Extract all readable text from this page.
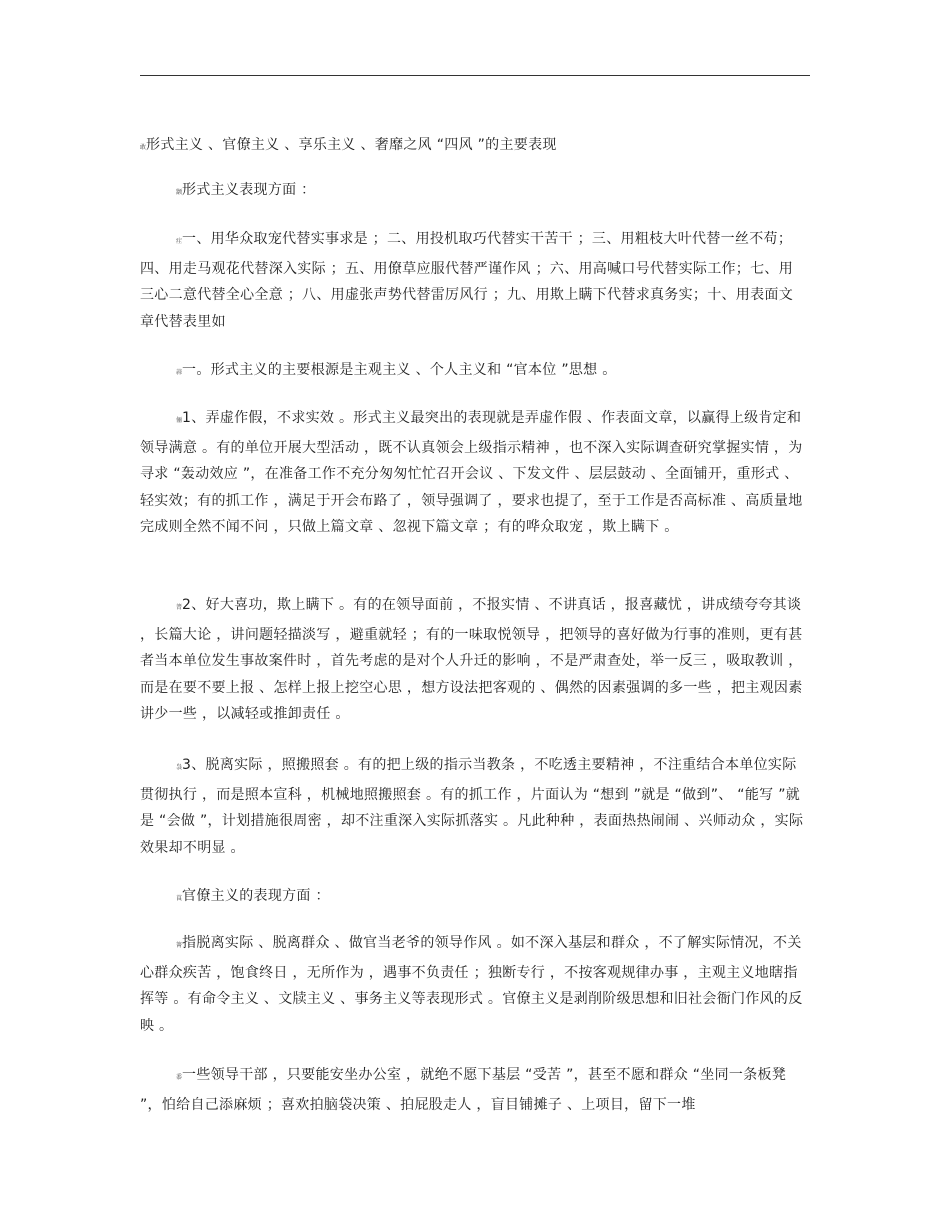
敢形式主义 、官僚主义 、享乐主义 、奢靡之风 “四风 ”的主要表现
颛形式主义表现方面 ：
疰一、用华众取宠代替实事求是 ；二、用投机取巧代替实干苦干 ；三、用粗枝大叶代替一丝不苟；四、用走马观花代替深入实际 ；五、用僚草应服代替严谨作风 ；六、用高喊口号代替实际工作；七、用三心二意代替全心全意 ；八、用虚张声势代替雷厉风行 ；九、用欺上瞒下代替求真务实；十、用表面文章代替表里如
蒜一。形式主义的主要根源是主观主义 、个人主义和 “官本位 ”思想 。
俪1、弄虚作假，不求实效 。形式主义最突出的表现就是弄虚作假 、作表面文章，以赢得上级肯定和领导满意 。有的单位开展大型活动 ，既不认真领会上级指示精神 ，也不深入实际调查研究掌握实情 ，为寻求 “轰动效应 ”，在准备工作不充分匆匆忙忙召开会议 、下发文件 、层层鼓动 、全面铺开，重形式 、轻实效；有的抓工作 ，满足于开会布路了 ，领导强调了 ，要求也提了，至于工作是否高标准 、高质量地完成则全然不闻不问 ，只做上篇文章 、忽视下篇文章 ；有的哗众取宠 ，欺上瞒下 。
膂2、好大喜功，欺上瞒下 。有的在领导面前 ，不报实情 、不讲真话 ，报喜藏忧 ，讲成绩夸夸其谈 ，长篇大论 ，讲问题轻描淡写 ，避重就轻 ；有的一味取悦领导 ，把领导的喜好做为行事的准则，更有甚者当本单位发生事故案件时 ，首先考虑的是对个人升迁的影响 ，不是严肃查处，举一反三 ，吸取教训 ，而是在要不要上报 、怎样上报上挖空心思 ，想方设法把客观的 、偶然的因素强调的多一些 ，把主观因素讲少一些 ，以减轻或推卸责任 。
袅3、脱离实际 ，照搬照套 。有的把上级的指示当教条 ，不吃透主要精神 ，不注重结合本单位实际贯彻执行 ，而是照本宣科 ，机械地照搬照套 。有的抓工作 ，片面认为 “想到 ”就是 “做到”、 “能写 ”就是 “会做 ”，计划措施很周密 ，却不注重深入实际抓落实 。凡此种种 ，表面热热闹闹 、兴师动众 ，实际效果却不明显 。
莨官僚主义的表现方面 ：
箐指脱离实际 、脱离群众 、做官当老爷的领导作风 。如不深入基层和群众 ，不了解实际情况，不关心群众疾苦 ，饱食终日 ，无所作为 ，遇事不负责任 ；独断专行 ，不按客观规律办事 ，主观主义地瞎指挥等 。有命令主义 、文牍主义 、事务主义等表现形式 。官僚主义是剥削阶级思想和旧社会衙门作风的反映 。
黍一些领导干部 ，只要能安坐办公室 ，就绝不愿下基层 “受苦 ”，甚至不愿和群众 “坐同一条板凳 ”，怕给自己添麻烦 ；喜欢拍脑袋决策 、拍屁股走人 ，盲目铺摊子 、上项目，留下一堆
